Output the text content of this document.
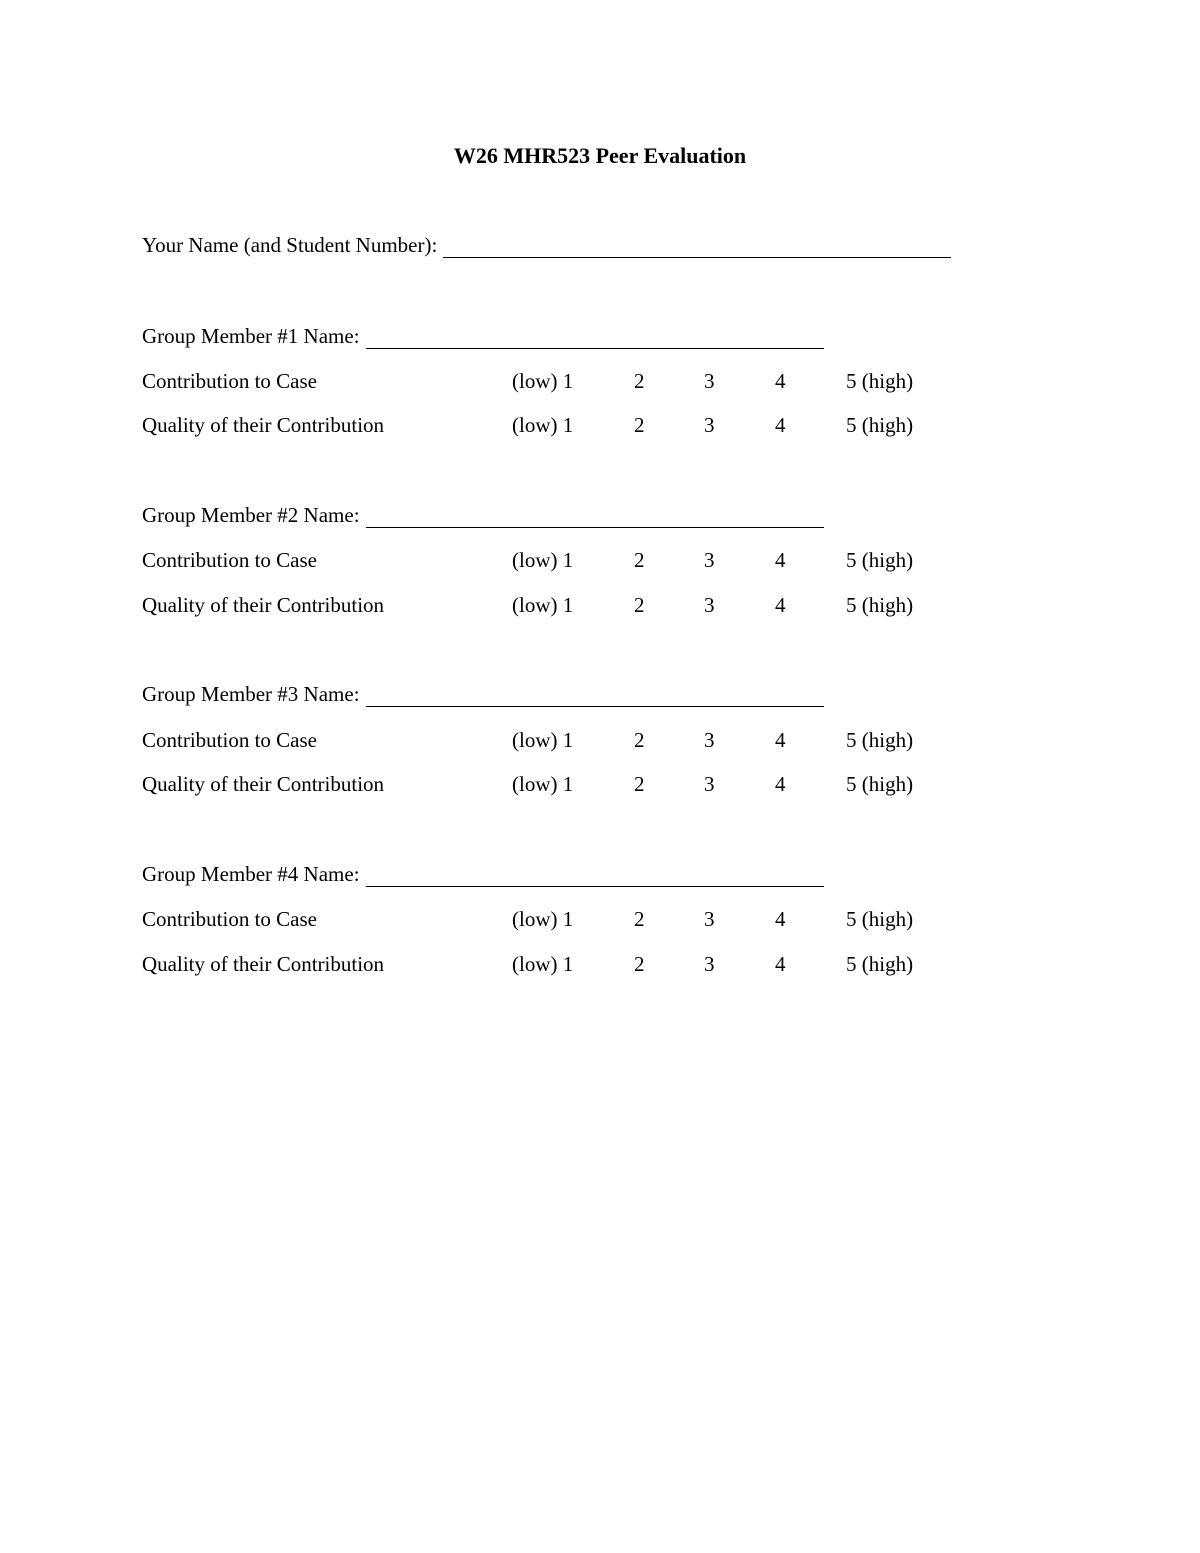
W26 MHR523 Peer Evaluation
Your Name (and Student Number):
Group Member #1 Name:
Contribution to Case	(low) 1	2	3	4	5 (high)
Quality of their Contribution	(low) 1	2	3	4	5 (high)
Group Member #2 Name:
Contribution to Case	(low) 1	2	3	4	5 (high)
Quality of their Contribution	(low) 1	2	3	4	5 (high)
Group Member #3 Name:
Contribution to Case	(low) 1	2	3	4	5 (high)
Quality of their Contribution	(low) 1	2	3	4	5 (high)
Group Member #4 Name:
Contribution to Case	(low) 1	2	3	4	5 (high)
Quality of their Contribution	(low) 1	2	3	4	5 (high)
